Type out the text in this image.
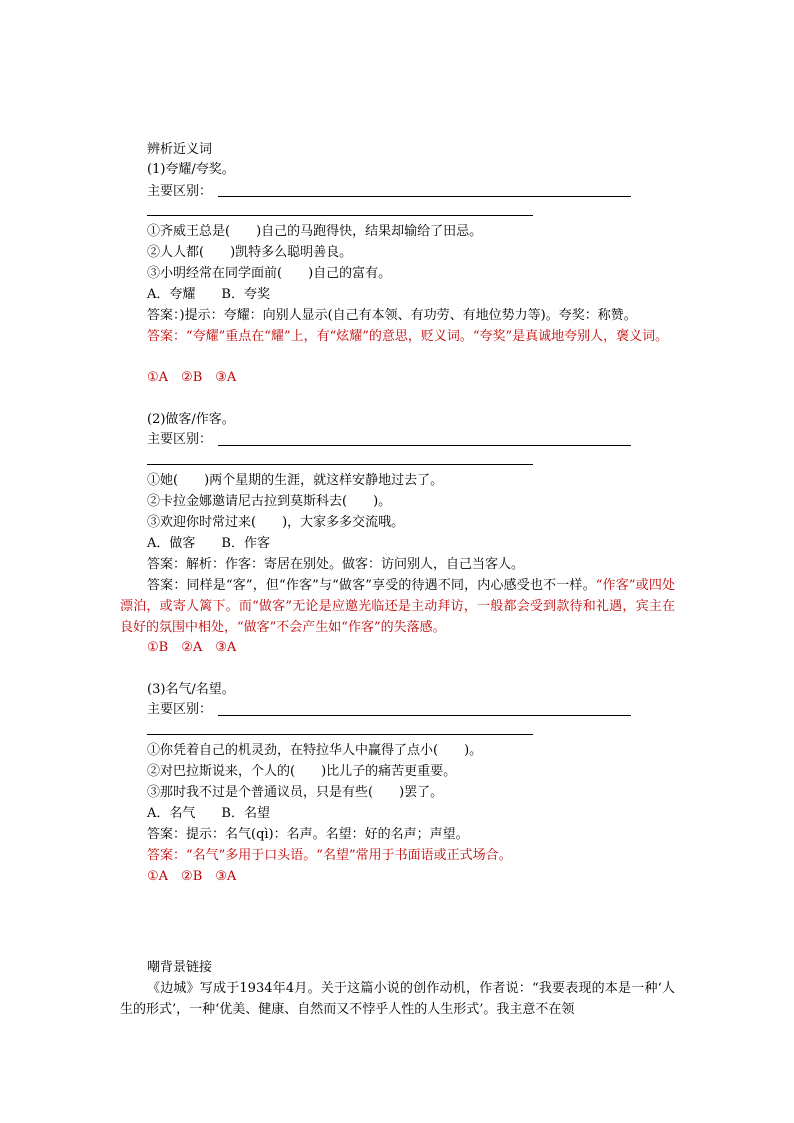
辨析近义词
(1)夸耀/夸奖。
主要区别：
①齐威王总是(　　)自己的马跑得快，结果却输给了田忌。
②人人都(　　)凯特多么聪明善良。
③小明经常在同学面前(　　)自己的富有。
A．夸耀　　B．夸奖
答案：)提示：夸耀：向别人显示(自己有本领、有功劳、有地位势力等)。夸奖：称赞。
答案：“夸耀”重点在“耀”上，有“炫耀”的意思，贬义词。“夸奖”是真诚地夸别人，褒义词。
①A　②B　③A
(2)做客/作客。
主要区别：
①她(　　)两个星期的生涯，就这样安静地过去了。
②卡拉金娜邀请尼古拉到莫斯科去(　　)。
③欢迎你时常过来(　　)，大家多多交流哦。
A．做客　　B．作客
答案：解析：作客：寄居在别处。做客：访问别人，自己当客人。
答案：同样是“客”，但“作客”与“做客”享受的待遇不同，内心感受也不一样。“作客”或四处漂泊，或寄人篱下。而“做客”无论是应邀光临还是主动拜访，一般都会受到款待和礼遇，宾主在良好的氛围中相处，“做客”不会产生如“作客”的失落感。
①B　②A　③A
(3)名气/名望。
主要区别：
①你凭着自己的机灵劲，在特拉华人中赢得了点小(　　)。
②对巴拉斯说来，个人的(　　)比儿子的痛苦更重要。
③那时我不过是个普通议员，只是有些(　　)罢了。
A．名气　　B．名望
答案：提示：名气(qì)：名声。名望：好的名声；声望。
答案：“名气”多用于口头语。“名望”常用于书面语或正式场合。
①A　②B　③A
嘲背景链接
《边城》写成于1934年4月。关于这篇小说的创作动机，作者说：“我要表现的本是一种‘人生的形式’，一种‘优美、健康、自然而又不悖乎人性的人生形式’。我主意不在领
